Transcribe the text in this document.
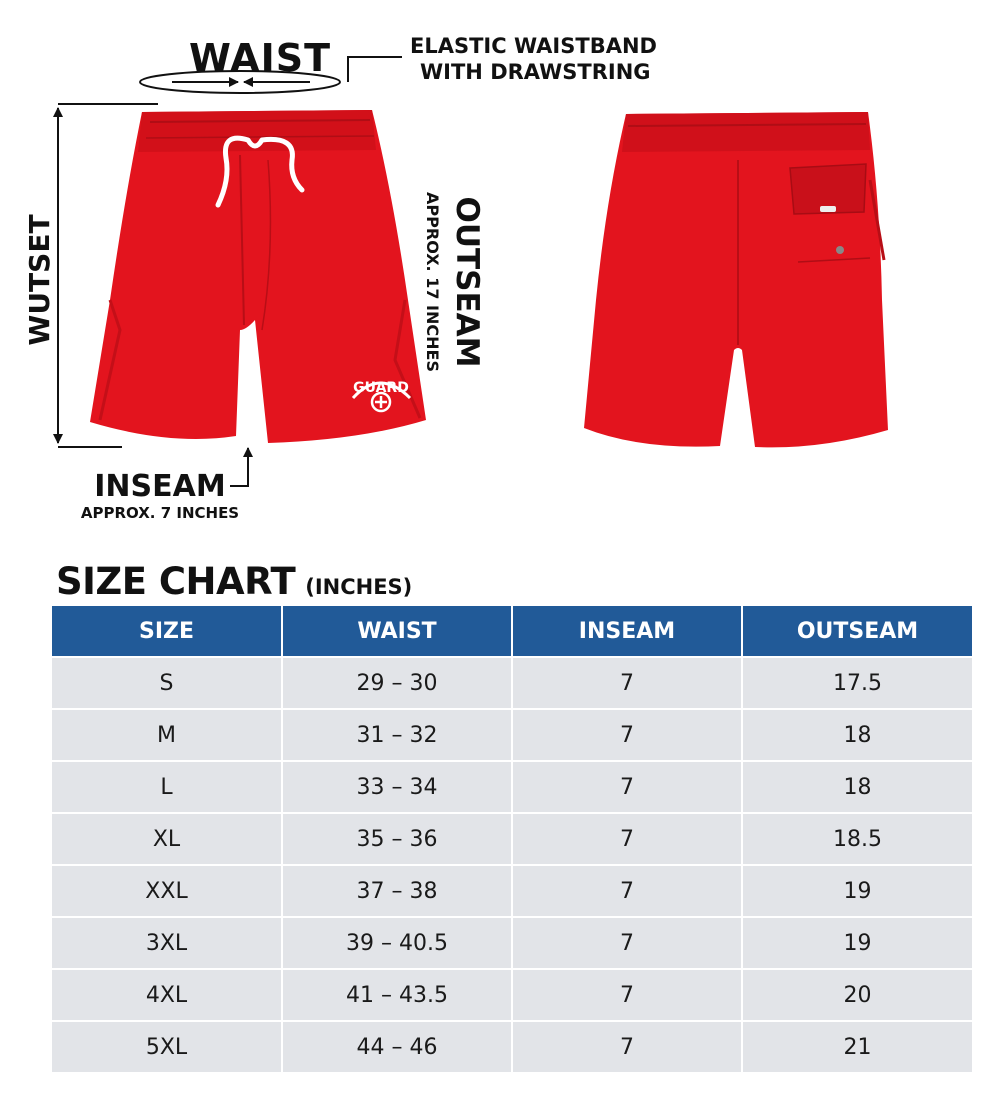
WAIST	ELASTIC WAISTBAND
WITH DRAWSTRING
WUTSET
GUARD
OUTSEAM
APPROX. 17 INCHES
INSEAM
APPROX. 7 INCHES
SIZE CHART (INCHES)
SIZE	WAIST	INSEAM	OUTSEAM
S	29 – 30	7	17.5
M	31 – 32	7	18
L	33 – 34	7	18
XL	35 – 36	7	18.5
XXL	37 – 38	7	19
3XL	39 – 40.5	7	19
4XL	41 – 43.5	7	20
5XL	44 – 46	7	21
